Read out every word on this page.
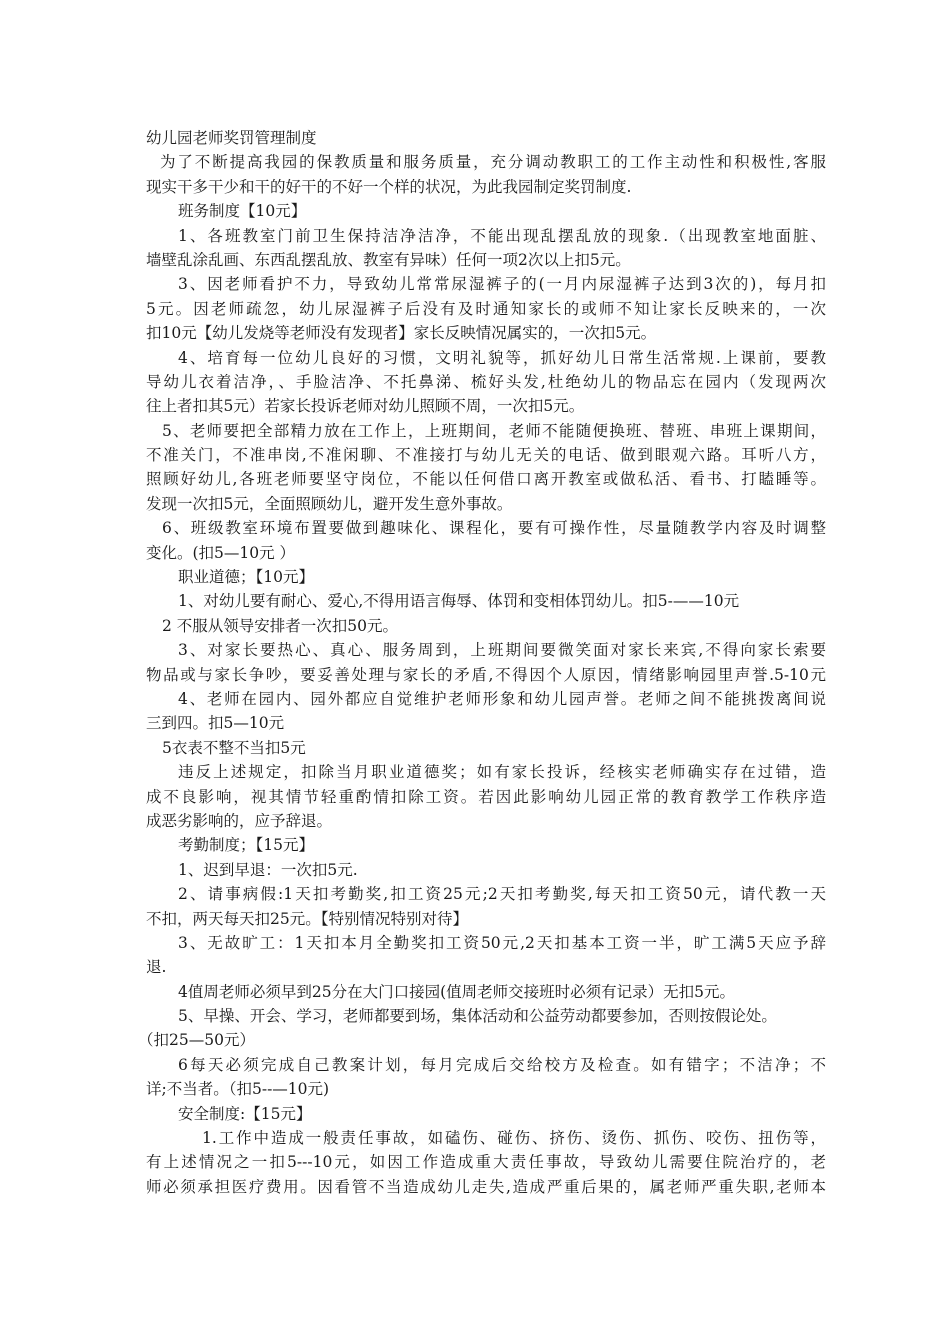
幼儿园老师奖罚管理制度
为了不断提高我园的保教质量和服务质量，充分调动教职工的工作主动性和积极性,客服
现实干多干少和干的好干的不好一个样的状况，为此我园制定奖罚制度.
班务制度【10元】
1、各班教室门前卫生保持洁净洁净，不能出现乱摆乱放的现象.（出现教室地面脏、
墙壁乱涂乱画、东西乱摆乱放、教室有异味）任何一项2次以上扣5元。
3、因老师看护不力，导致幼儿常常尿湿裤子的(一月内尿湿裤子达到3次的)，每月扣
5元。因老师疏忽，幼儿尿湿裤子后没有及时通知家长的或师不知让家长反映来的，一次
扣10元【幼儿发烧等老师没有发现者】家长反映情况属实的，一次扣5元。
4、培育每一位幼儿良好的习惯，文明礼貌等，抓好幼儿日常生活常规.上课前，要教
导幼儿衣着洁净，、手脸洁净、不托鼻涕、梳好头发,杜绝幼儿的物品忘在园内（发现两次
往上者扣其5元）若家长投诉老师对幼儿照顾不周，一次扣5元。
5、老师要把全部精力放在工作上，上班期间，老师不能随便换班、替班、串班上课期间，
不准关门，不准串岗,不准闲聊、不准接打与幼儿无关的电话、做到眼观六路。耳听八方，
照顾好幼儿,各班老师要坚守岗位，不能以任何借口离开教室或做私活、看书、打瞌睡等。
发现一次扣5元，全面照顾幼儿，避开发生意外事故。
6、班级教室环境布置要做到趣味化、课程化，要有可操作性，尽量随教学内容及时调整
变化。(扣5—10元 ）
职业道德；【10元】
1、对幼儿要有耐心、爱心,不得用语言侮辱、体罚和变相体罚幼儿。扣5-——10元
2 不服从领导安排者一次扣50元。
3、对家长要热心、真心、服务周到，上班期间要微笑面对家长来宾,不得向家长索要
物品或与家长争吵，要妥善处理与家长的矛盾,不得因个人原因，情绪影响园里声誉.5-10元
4、老师在园内、园外都应自觉维护老师形象和幼儿园声誉。老师之间不能挑拨离间说
三到四。扣5—10元
5衣表不整不当扣5元
违反上述规定，扣除当月职业道德奖；如有家长投诉，经核实老师确实存在过错，造
成不良影响，视其情节轻重酌情扣除工资。若因此影响幼儿园正常的教育教学工作秩序造
成恶劣影响的，应予辞退。
考勤制度；【15元】
1、迟到早退：一次扣5元.
2、请事病假:1天扣考勤奖,扣工资25元;2天扣考勤奖,每天扣工资50元，请代教一天
不扣，两天每天扣25元。【特别情况特别对待】
3、无故旷工：1天扣本月全勤奖扣工资50元,2天扣基本工资一半，旷工满5天应予辞
退.
4值周老师必须早到25分在大门口接园(值周老师交接班时必须有记录）无扣5元。
5、早操、开会、学习，老师都要到场，集体活动和公益劳动都要参加，否则按假论处。
（扣25—50元）
6每天必须完成自己教案计划，每月完成后交给校方及检查。如有错字；不洁净；不
详;不当者。（扣5--—10元)
安全制度:【15元】
1.工作中造成一般责任事故，如磕伤、碰伤、挤伤、烫伤、抓伤、咬伤、扭伤等，
有上述情况之一扣5---10元，如因工作造成重大责任事故，导致幼儿需要住院治疗的，老
师必须承担医疗费用。因看管不当造成幼儿走失,造成严重后果的，属老师严重失职,老师本
